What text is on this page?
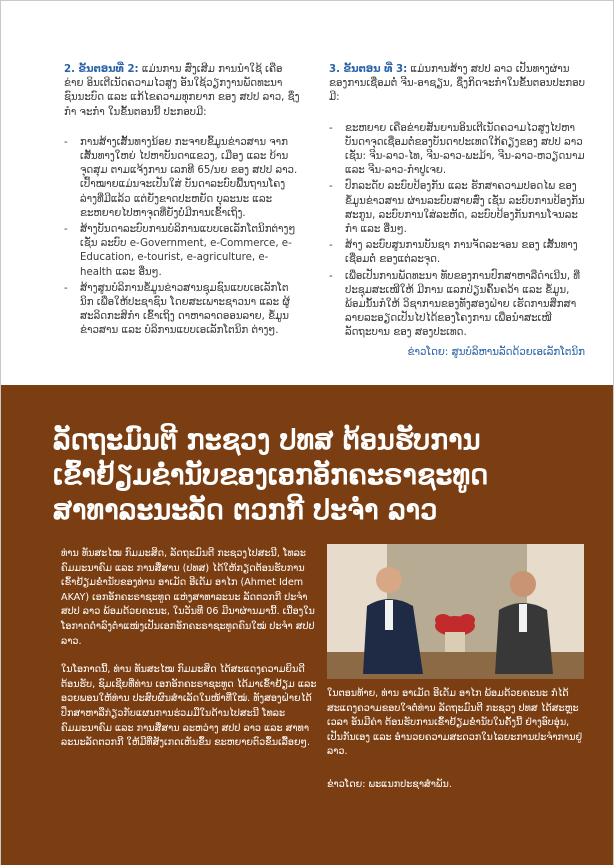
2. ຂັ້ນຕອນທີ່ 2: ແມ່ນການ ສົ່ງເສີມ ການນຳໃຊ້ ເຄືອຂ່າຍ ອິນເຕີເນັດຄວາມໄວສູງ ອັນໃຊ້ວຽກງານພັດທະນາຊົນນະບົດ ແລະ ແກ້ໄຂຄວາມທຸກຍາກ ຂອງ ສປປ ລາວ, ຊຶ່ງກຳ ຈະກຳ ໃນຂັ້ນຕອນນີ້ ປະກອບມີ:

- ການສ້າງເສັ້ນທາງນ້ອຍ ກະຈາຍຂົ້ມູນຂ່າວສານ ຈາກເສັ້ນທາງໃຫຍ່ ໄປຫາບັນດາແຂວງ, ເມືອງ ແລະ ບ້ານຈຸດສຸມ ຕາມແຈ້ງການ ເລກທີ 65/ນຍ ຂອງ ສປປ ລາວ. ເປົ້າໝາຍແມ່ນຈະເປັນໃສ່ ບັນດາລະບົບພື້ນຖານໂຄງລ່າງທີ່ມີແລ້ວ ແຕ່ຍັງຂາດປະຫຍັດ ບຸລະນະ ແລະ ຂະຫຍາຍໄປຫາຈຸດທີ່ຍັງບໍ່ມີການເຂົ້າເຖິງ.
- ສ້າງບັນດາລະບົບການບໍລິການແບບເອເລັກໂຕນິກຕ່າງໆ ເຊັ່ນ ລະບົບ e-Government, e-Commerce, e-Education, e-tourist, e-agriculture, e-health ແລະ ອື່ນໆ.
- ສ້າງສູນບໍລິການຂໍ້ມູນຂ່າວສານຊຸມຊົນແບບເອເລັກໂຕນິກ ເພື່ອໃຫ້ປະຊາຊົນ ໂດຍສະເພາະຊາວນາ ແລະ ຜູ້ສະລິດກະສິກຳ ເຂົ້າເຖິງ ດາຫາລາດອອນລາຍ, ຂໍ້ມູນຂ່າວສານ ແລະ ບໍລິການແບບເອເລັກໂຕນິກ ຕ່າງໆ.

3. ຂັ້ນຕອນ ທີ່ 3: ແມ່ນການສ້າງ ສປປ ລາວ ເປັນທາງຜ່ານຂອງການເຊື່ອມຕໍ່ ຈີນ-ອາຊຽນ, ຊຶ່ງກິດຈະກຳໃນຂັ້ນຕອນປະກອບມີ:

- ຂະຫຍາຍ ເຄືອຂ່າຍສັນຍານອິນເຕີເນັດຄວາມໄວສູງໄປຫາບັນດາຈຸດເຊື່ອມຕໍ່ຂອງບັນດາປະເທດໃກ້ຄຽງຂອງ ສປປ ລາວ ເຊັ່ນ: ຈີນ-ລາວ-ໄທ, ຈີນ-ລາວ-ພະມ້າ, ຈີນ-ລາວ-ຫວຽດນາມ ແລະ ຈີນ-ລາວ-ກຳປູເຈຍ.
- ປົກລະດັບ ລະບົບປ້ອງກັນ ແລະ ຮັກສາຄວາມປອດໄພ ຂອງຂໍ້ມູນຂ່າວສານ ຜ່ານລະບົບສາຍສົ່ງ ເຊັ່ນ ລະບົບການປ້ອງກັນສະກູນ, ລະບົບການໃສ່ລະຫັດ, ລະບົບປ້ອງກັນການໂຈນລະກຳ ແລະ ອື່ນໆ.
- ສ້າງ ລະບົບສູນການບັນຊາ ການຈັດລະຈອນ ຂອງ ເສັ້ນທາງເຊື່ອມຕໍ່ ຂອງແຕ່ລະຈຸດ.
- ເພື່ອເປັນການພັດທະນາ ທັບຂອງການປົກສາຫາລືດຳເນີນ, ທີ່ປະຊຸມສະເໜີໃຫ້ ມີການ ແລກປ່ຽນຄົ້ນຄວ້າ ແລະ ຂໍ້ມູນ, ພ້ອມນັ້ນກໍໃຫ້ ວິຊາການຂອງທັງສອງຝ່າຍ ເຮັດການສຶກສາລາຍລະອຽດເປັນໄປໄດ້ຂອງໂຄງການ ເພື່ອນຳສະເໜີລັດຖະບານ ຂອງ ສອງປະເທດ.
ຂ່າວໂດຍ: ສູນບໍລິຫານລັດດ້ວຍເອເລັກໂຕນິກ
ລັດຖະມົນຕີ ກະຊວງ ປທສ ຕ້ອນຮັບການ
ເຂົ້າຢ້ຽມຂໍ່ານັບຂອງເອກອັກຄະຣາຊະທູດ
ສາທາລະນະລັດ ຕວກກີ ປະຈຳ ລາວ

ທ່ານ ທັນສະໄໝ ກົມມະສິດ, ລັດຖະມົນຕີ ກະຊວງໄປສະນີ, ໂທລະຄົມມະນາຄົມ ແລະ ການສື່ສານ (ປທສ) ໄດ້ໃຫ້ກຽດຕ້ອນຮັບການເຂົ້າຢ້ຽມຂໍ່ານັບຂອງທ່ານ ອາເມັດ ອີເດັມ ອາໄກ (Ahmet Idem AKAY) ເອກອັກຄະຣາຊະທູດ ແຫ່ງສາທາລະນະ ລັດຕວກກີ ປະຈຳ ສປປ ລາວ ພ້ອມດ້ວຍຄະນະ, ໃນວັນທີ 06 ມີນາຜ່ານມານີ້. ເນື່ອງໃນໂອກາດດຳລົງຕຳແໜ່ງເປັນເອກອັກຄະຣາຊະທູດຄົນໃໝ່ ປະຈຳ ສປປ ລາວ.

ໃນໂອກາດນີ້, ທ່ານ ທັນສະໄໝ ກົມມະສິດ ໄດ້ສະແດງຄວາມຍິນດີຕ້ອນຮັບ, ຊົມເຊີຍທີ່ທ່ານ ເອກອັກຄະຣາຊະທູດ ໄດ້ມາເຂົ້າຢ້ຽມ ແລະ ອວຍພອນໃຫ້ທ່ານ ປະສົບຜົນສຳເລັດໃນໜ້າທີ່ໃໝ່. ທັງສອງຝ່າຍໄດ້ປຶກສາຫາລືກ່ຽວກັບແຜນການຮ່ວມມືໃນດ້ານໄປສະນີ ໂທລະຄົມມະນາຄົມ ແລະ ການສື່ສານ ລະຫວ່າງ ສປປ ລາວ ແລະ ສາທາລະນະລັດຕວກກີ ໃຫ້ມີທີ່ສັງເກດເຫັນຂຶ້ນ ຂະຫຍາຍຕົວຂຶ້ນເລື້ອຍໆ.

ໃນຕອນທ້າຍ, ທ່ານ ອາເມັດ ອີເດັມ ອາໄກ ພ້ອມດ້ວຍຄະນະ ກໍໄດ້ສະແດງຄວາມຂອບໃຈຕໍ່ທ່ານ ລັດຖະມົນຕີ ກະຊວງ ປທສ ໄດ້ສະຫຼະເວລາ ອັນມີຄ່າ ຕ້ອນຮັບການເຂົ້າຢ້ຽມຂໍ່ານັບໃນຄັ້ງນີ້ ຢ່າງອົບອຸ່ນ, ເປັນກັນເອງ ແລະ ອຳນວຍຄວາມສະດວກໃນໄລຍະການປະຈຳການຢູ່ລາວ.

ຂ່າວໂດຍ: ພະແນກປະຊາສຳພັນ.
